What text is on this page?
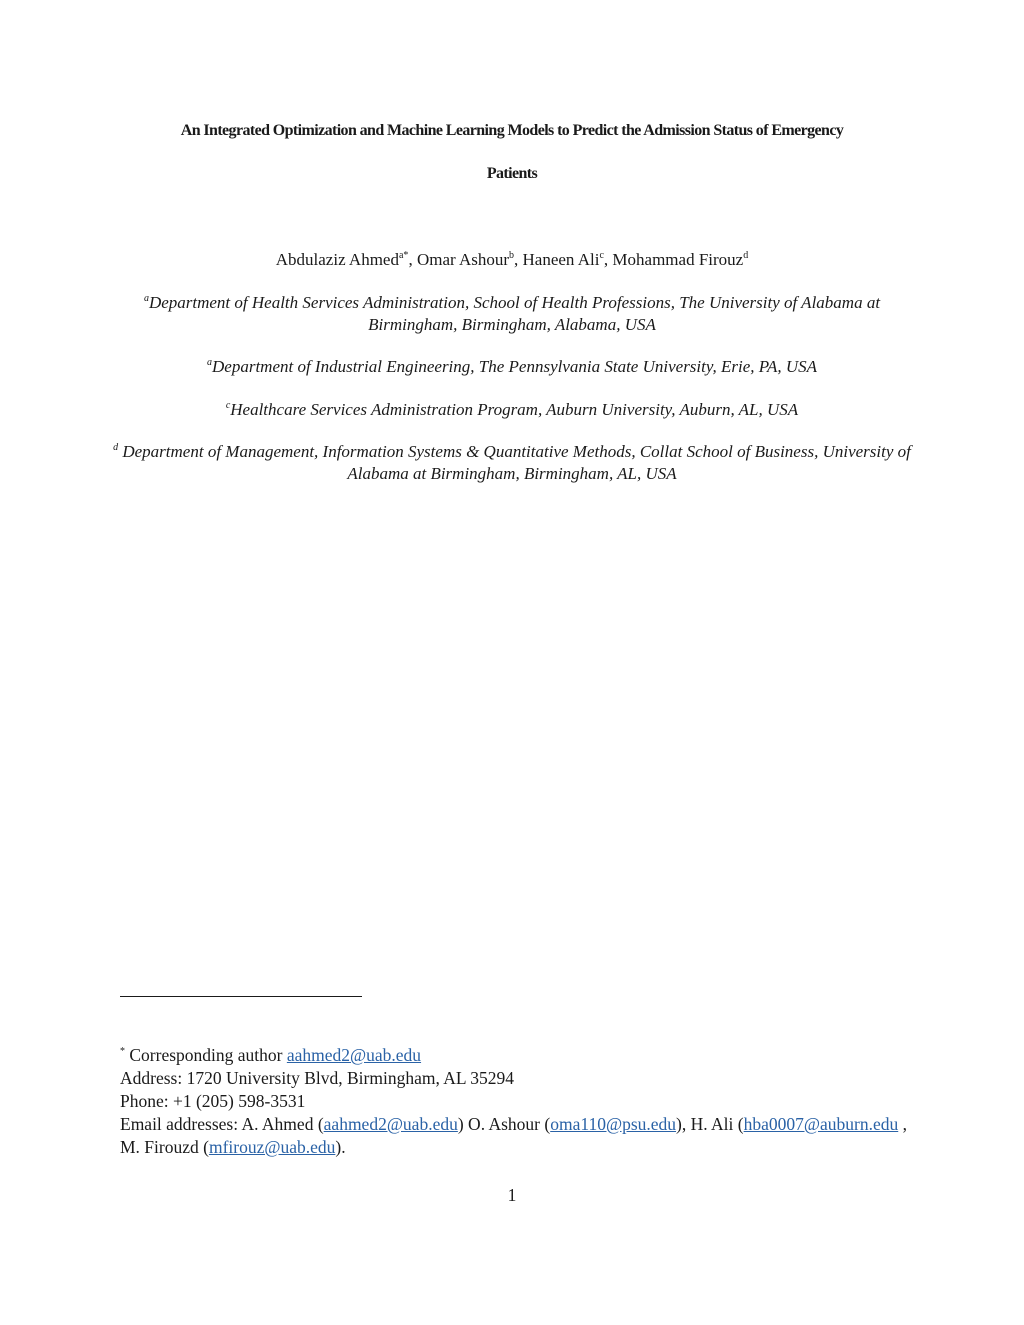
An Integrated Optimization and Machine Learning Models to Predict the Admission Status of Emergency

Patients

Abdulaziz Ahmed$^{a*}$, Omar Ashour$^b$, Haneen Ali$^c$, Mohammad Firouz$^d$

$^a$Department of Health Services Administration, School of Health Professions, The University of Alabama at Birmingham, Birmingham, Alabama, USA

$^a$Department of Industrial Engineering, The Pennsylvania State University, Erie, PA, USA

$^c$Healthcare Services Administration Program, Auburn University, Auburn, AL, USA

$^d$ Department of Management, Information Systems & Quantitative Methods, Collat School of Business, University of Alabama at Birmingham, Birmingham, AL, USA

* Corresponding author aahmed2@uab.edu

Address: 1720 University Blvd, Birmingham, AL 35294

Phone: +1 (205) 598-3531

Email addresses: A. Ahmed (aahmed2@uab.edu) O. Ashour (oma110@psu.edu), H. Ali (hba0007@auburn.edu , M. Firouzd (mfirouz@uab.edu).

1
